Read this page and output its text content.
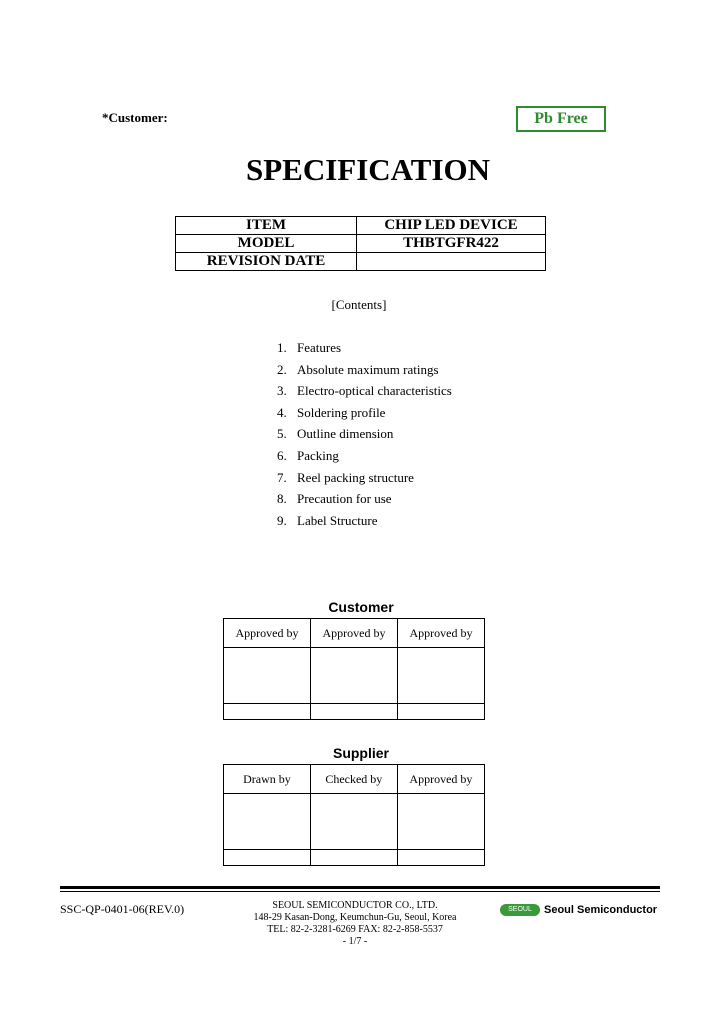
*Customer:	Pb Free
SPECIFICATION
ITEM	CHIP LED DEVICE
MODEL	THBTGFR422
REVISION DATE	
[Contents]
1. Features
2. Absolute maximum ratings
3. Electro-optical characteristics
4. Soldering profile
5. Outline dimension
6. Packing
7. Reel packing structure
8. Precaution for use
9. Label Structure
Customer
Approved by	Approved by	Approved by

Supplier
Drawn by	Checked by	Approved by

SSC-QP-0401-06(REV.0)	SEOUL SEMICONDUCTOR CO., LTD.
148-29 Kasan-Dong, Keumchun-Gu, Seoul, Korea
TEL: 82-2-3281-6269 FAX: 82-2-858-5537
- 1/7 -
SEOUL Seoul Semiconductor
